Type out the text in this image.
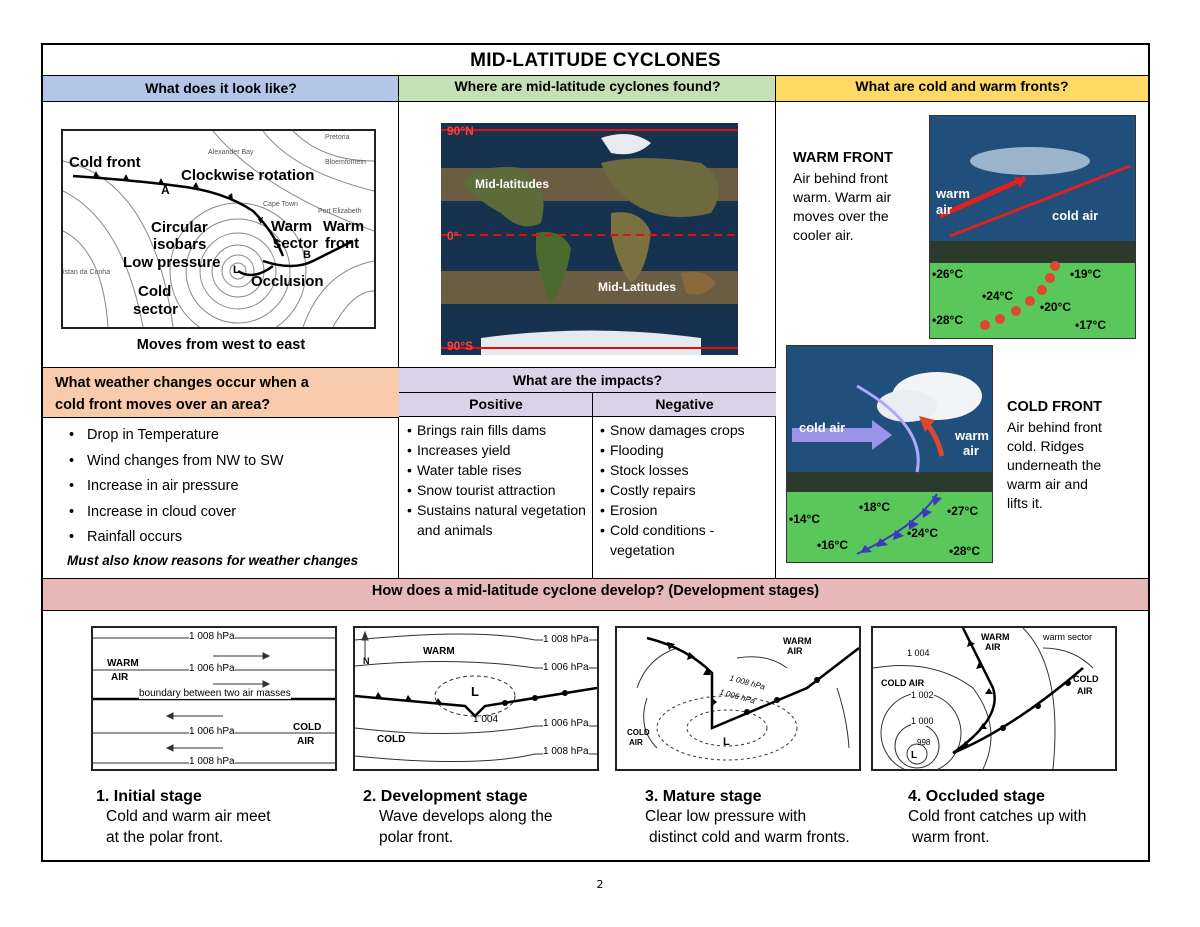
MID-LATITUDE CYCLONES
What does it look like?	Where are mid-latitude cyclones found?	What are cold and warm fronts?
Cold front
Clockwise rotation
A
Circular
isobars
Low pressure L
Occlusion
Cold
sector
Warm
sector
Warm
front
B
Pretoria
Alexander Bay
Bloemfontein
Cape Town
Port Elizabeth
istan da Cunha
Moves from west to east
90°N
Mid-latitudes
0°
Mid-Latitudes
90°S
WARM FRONT
Air behind front warm. Warm air moves over the cooler air.
warm
air	cold air
•26°C
•24°C
•28°C
•19°C
•20°C
•17°C
cold air
warm
air
•14°C
•18°C
•16°C
•27°C
•24°C
•28°C
COLD FRONT
Air behind front cold. Ridges underneath the warm air and lifts it.
What weather changes occur when a
cold front moves over an area?
• Drop in Temperature
• Wind changes from NW to SW
• Increase in air pressure
• Increase in cloud cover
• Rainfall occurs
Must also know reasons for weather changes
What are the impacts?
Positive	Negative
• Brings rain fills dams
• Increases yield
• Water table rises
• Snow tourist attraction
• Sustains natural vegetation and animals
• Snow damages crops
• Flooding
• Stock losses
• Costly repairs
• Erosion
• Cold conditions - vegetation
How does a mid-latitude cyclone develop? (Development stages)
1 008 hPa
1 006 hPa
WARM
AIR
boundary between two air masses
1 006 hPa	COLD
AIR
1 008 hPa
N
WARM
1 008 hPa
1 006 hPa
L
1 004	1 006 hPa
COLD
1 008 hPa
WARM
AIR
1 008 hPa
1 006 hPa
COLD
AIR	L
WARM
AIR
warm sector
1 004
COLD AIR
1 002
1 000
998
L
COLD
AIR
1. Initial stage
Cold and warm air meet
at the polar front.
2. Development stage
Wave develops along the
polar front.
3. Mature stage
Clear low pressure with
distinct cold and warm fronts.
4. Occluded stage
Cold front catches up with
warm front.
2
